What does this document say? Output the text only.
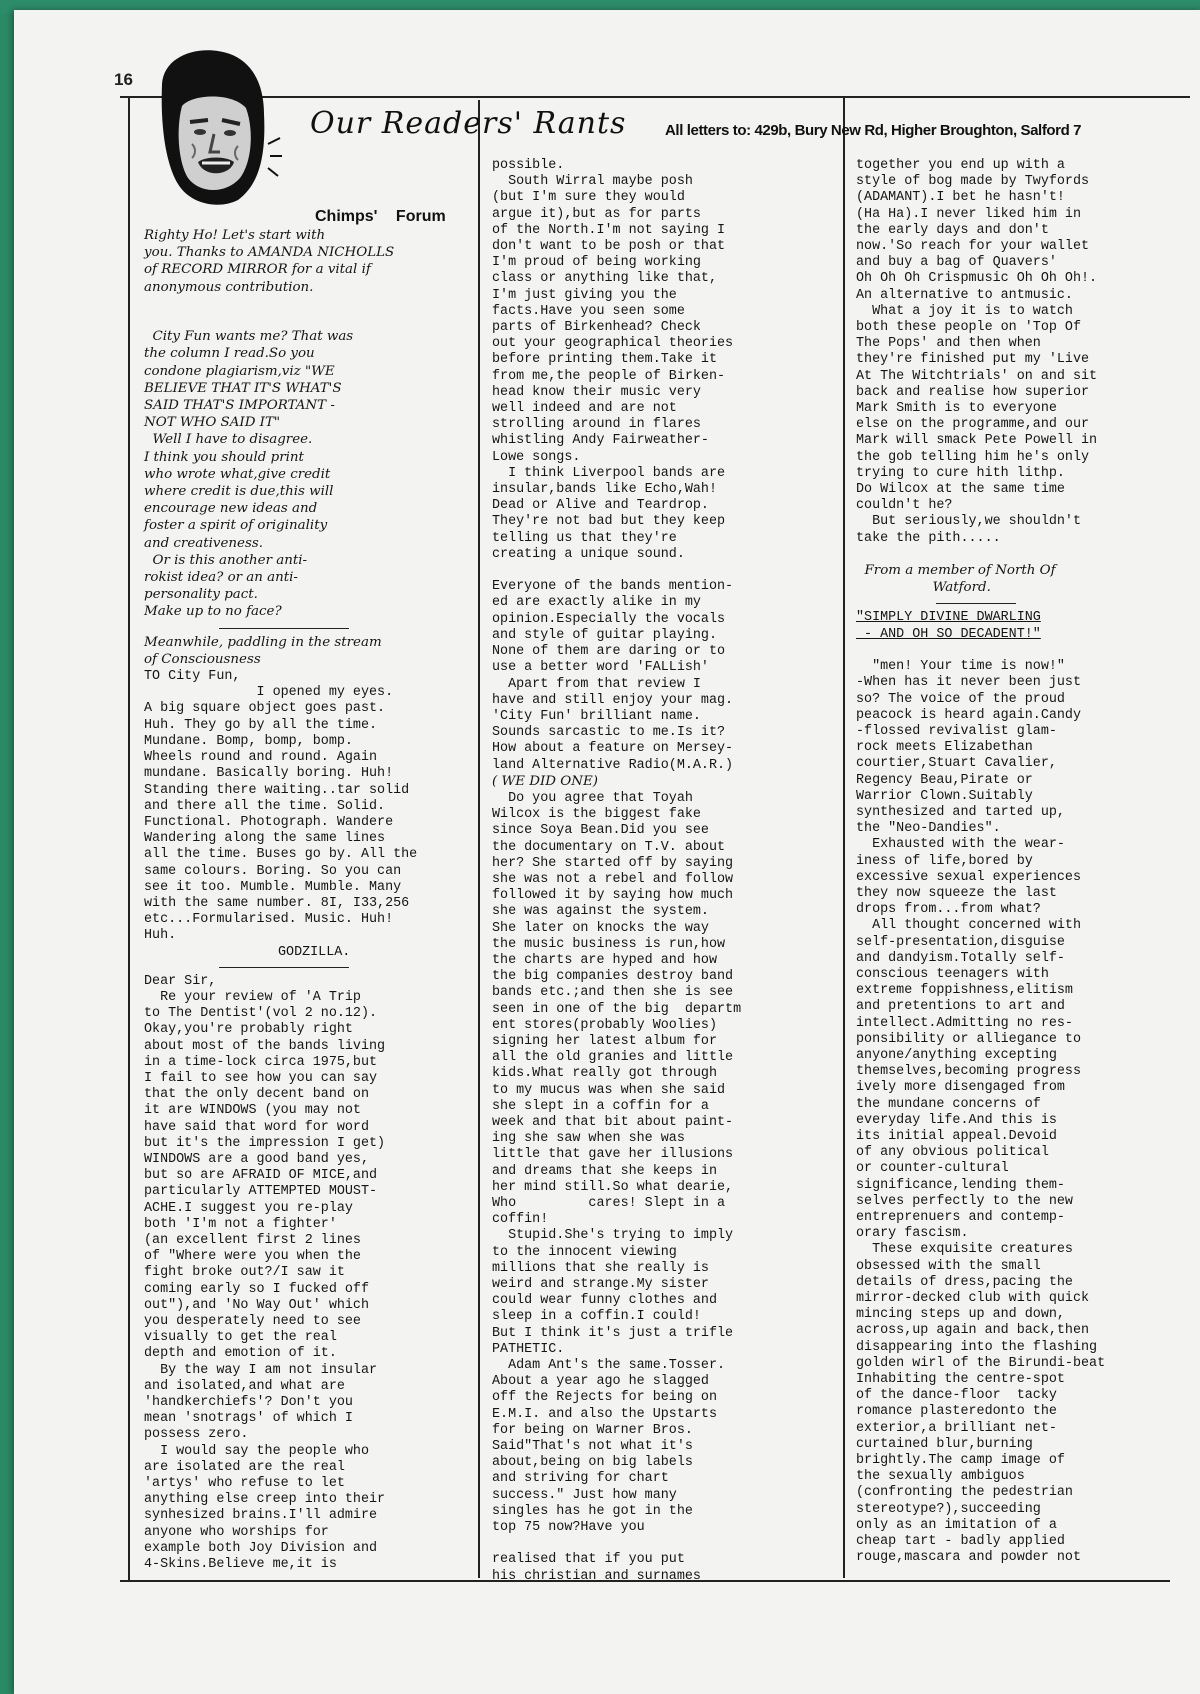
16
Our Readers' Rants	All letters to: 429b, Bury New Rd, Higher Broughton, Salford 7
Chimps' Forum
Righty Ho! Let's start with
you. Thanks to AMANDA NICHOLLS
of RECORD MIRROR for a vital if
anonymous contribution.

City Fun wants me? That was
the column I read.So you
condone plagiarism,viz "WE
BELIEVE THAT IT'S WHAT'S
SAID THAT'S IMPORTANT -
NOT WHO SAID IT"
Well I have to disagree.
I think you should print
who wrote what,give credit
where credit is due,this will
encourage new ideas and
foster a spirit of originality
and creativeness.
Or is this another anti-
rokist idea? or an anti-
personality pact.
Make up to no face?

Meanwhile, paddling in the stream
of Consciousness
TO City Fun,
I opened my eyes.
A big square object goes past.
Huh. They go by all the time.
Mundane. Bomp, bomp, bomp.
Wheels round and round. Again
mundane. Basically boring. Huh!
Standing there waiting..tar solid
and there all the time. Solid.
Functional. Photograph. Wandere
Wandering along the same lines
all the time. Buses go by. All the
same colours. Boring. So you can
see it too. Mumble. Mumble. Many
with the same number. 8I, I33,256
etc...Formularised. Music. Huh!
Huh.
GODZILLA.

Dear Sir,
Re your review of 'A Trip
to The Dentist'(vol 2 no.12).
Okay,you're probably right
about most of the bands living
in a time-lock circa 1975,but
I fail to see how you can say
that the only decent band on
it are WINDOWS (you may not
have said that word for word
but it's the impression I get)
WINDOWS are a good band yes,
but so are AFRAID OF MICE,and
particularly ATTEMPTED MOUST-
ACHE.I suggest you re-play
both 'I'm not a fighter'
(an excellent first 2 lines
of "Where were you when the
fight broke out?/I saw it
coming early so I fucked off
out"),and 'No Way Out' which
you desperately need to see
visually to get the real
depth and emotion of it.
By the way I am not insular
and isolated,and what are
'handkerchiefs'? Don't you
mean 'snotrags' of which I
possess zero.
I would say the people who
are isolated are the real
'artys' who refuse to let
anything else creep into their
synhesized brains.I'll admire
anyone who worships for
example both Joy Division and
4-Skins.Believe me,it is
possible.
South Wirral maybe posh
(but I'm sure they would
argue it),but as for parts
of the North.I'm not saying I
don't want to be posh or that
I'm proud of being working
class or anything like that,
I'm just giving you the
facts.Have you seen some
parts of Birkenhead? Check
out your geographical theories
before printing them.Take it
from me,the people of Birken-
head know their music very
well indeed and are not
strolling around in flares
whistling Andy Fairweather-
Lowe songs.
I think Liverpool bands are
insular,bands like Echo,Wah!
Dead or Alive and Teardrop.
They're not bad but they keep
telling us that they're
creating a unique sound.

Everyone of the bands mention-
ed are exactly alike in my
opinion.Especially the vocals
and style of guitar playing.
None of them are daring or to
use a better word 'FALLish'
Apart from that review I
have and still enjoy your mag.
'City Fun' brilliant name.
Sounds sarcastic to me.Is it?
How about a feature on Mersey-
land Alternative Radio(M.A.R.)
( WE DID ONE)
Do you agree that Toyah
Wilcox is the biggest fake
since Soya Bean.Did you see
the documentary on T.V. about
her? She started off by saying
she was not a rebel and follow
followed it by saying how much
she was against the system.
She later on knocks the way
the music business is run,how
the charts are hyped and how
the big companies destroy band
bands etc.;and then she is see
seen in one of the big  departm
ent stores(probably Woolies)
signing her latest album for
all the old granies and little
kids.What really got through
to my mucus was when she said
she slept in a coffin for a
week and that bit about paint-
ing she saw when she was
little that gave her illusions
and dreams that she keeps in
her mind still.So what dearie,
Who         cares! Slept in a
coffin!
Stupid.She's trying to imply
to the innocent viewing
millions that she really is
weird and strange.My sister
could wear funny clothes and
sleep in a coffin.I could!
But I think it's just a trifle
PATHETIC.
Adam Ant's the same.Tosser.
About a year ago he slagged
off the Rejects for being on
E.M.I. and also the Upstarts
for being on Warner Bros.
Said"That's not what it's
about,being on big labels
and striving for chart
success." Just how many
singles has he got in the
top 75 now?Have you

realised that if you put
his christian and surnames
together you end up with a
style of bog made by Twyfords
(ADAMANT).I bet he hasn't!
(Ha Ha).I never liked him in
the early days and don't
now.'So reach for your wallet
and buy a bag of Quavers'
Oh Oh Oh Crispmusic Oh Oh Oh!.
An alternative to antmusic.
What a joy it is to watch
both these people on 'Top Of
The Pops' and then when
they're finished put my 'Live
At The Witchtrials' on and sit
back and realise how superior
Mark Smith is to everyone
else on the programme,and our
Mark will smack Pete Powell in
the gob telling him he's only
trying to cure hith lithp.
Do Wilcox at the same time
couldn't he?
But seriously,we shouldn't
take the pith.....

From a member of North Of
Watford.

"SIMPLY DIVINE DWARLING
- AND OH SO DECADENT!"

"men! Your time is now!"
-When has it never been just
so? The voice of the proud
peacock is heard again.Candy
-flossed revivalist glam-
rock meets Elizabethan
courtier,Stuart Cavalier,
Regency Beau,Pirate or
Warrior Clown.Suitably
synthesized and tarted up,
the "Neo-Dandies".
Exhausted with the wear-
iness of life,bored by
excessive sexual experiences
they now squeeze the last
drops from...from what?
All thought concerned with
self-presentation,disguise
and dandyism.Totally self-
conscious teenagers with
extreme foppishness,elitism
and pretentions to art and
intellect.Admitting no res-
ponsibility or alliegance to
anyone/anything excepting
themselves,becoming progress
ively more disengaged from
the mundane concerns of
everyday life.And this is
its initial appeal.Devoid
of any obvious political
or counter-cultural
significance,lending them-
selves perfectly to the new
entreprenuers and contemp-
orary fascism.
These exquisite creatures
obsessed with the small
details of dress,pacing the
mirror-decked club with quick
mincing steps up and down,
across,up again and back,then
disappearing into the flashing
golden wirl of the Birundi-beat
Inhabiting the centre-spot
of the dance-floor  tacky
romance plasteredonto the
exterior,a brilliant net-
curtained blur,burning
brightly.The camp image of
the sexually ambiguos
(confronting the pedestrian
stereotype?),succeeding
only as an imitation of a
cheap tart - badly applied
rouge,mascara and powder not
